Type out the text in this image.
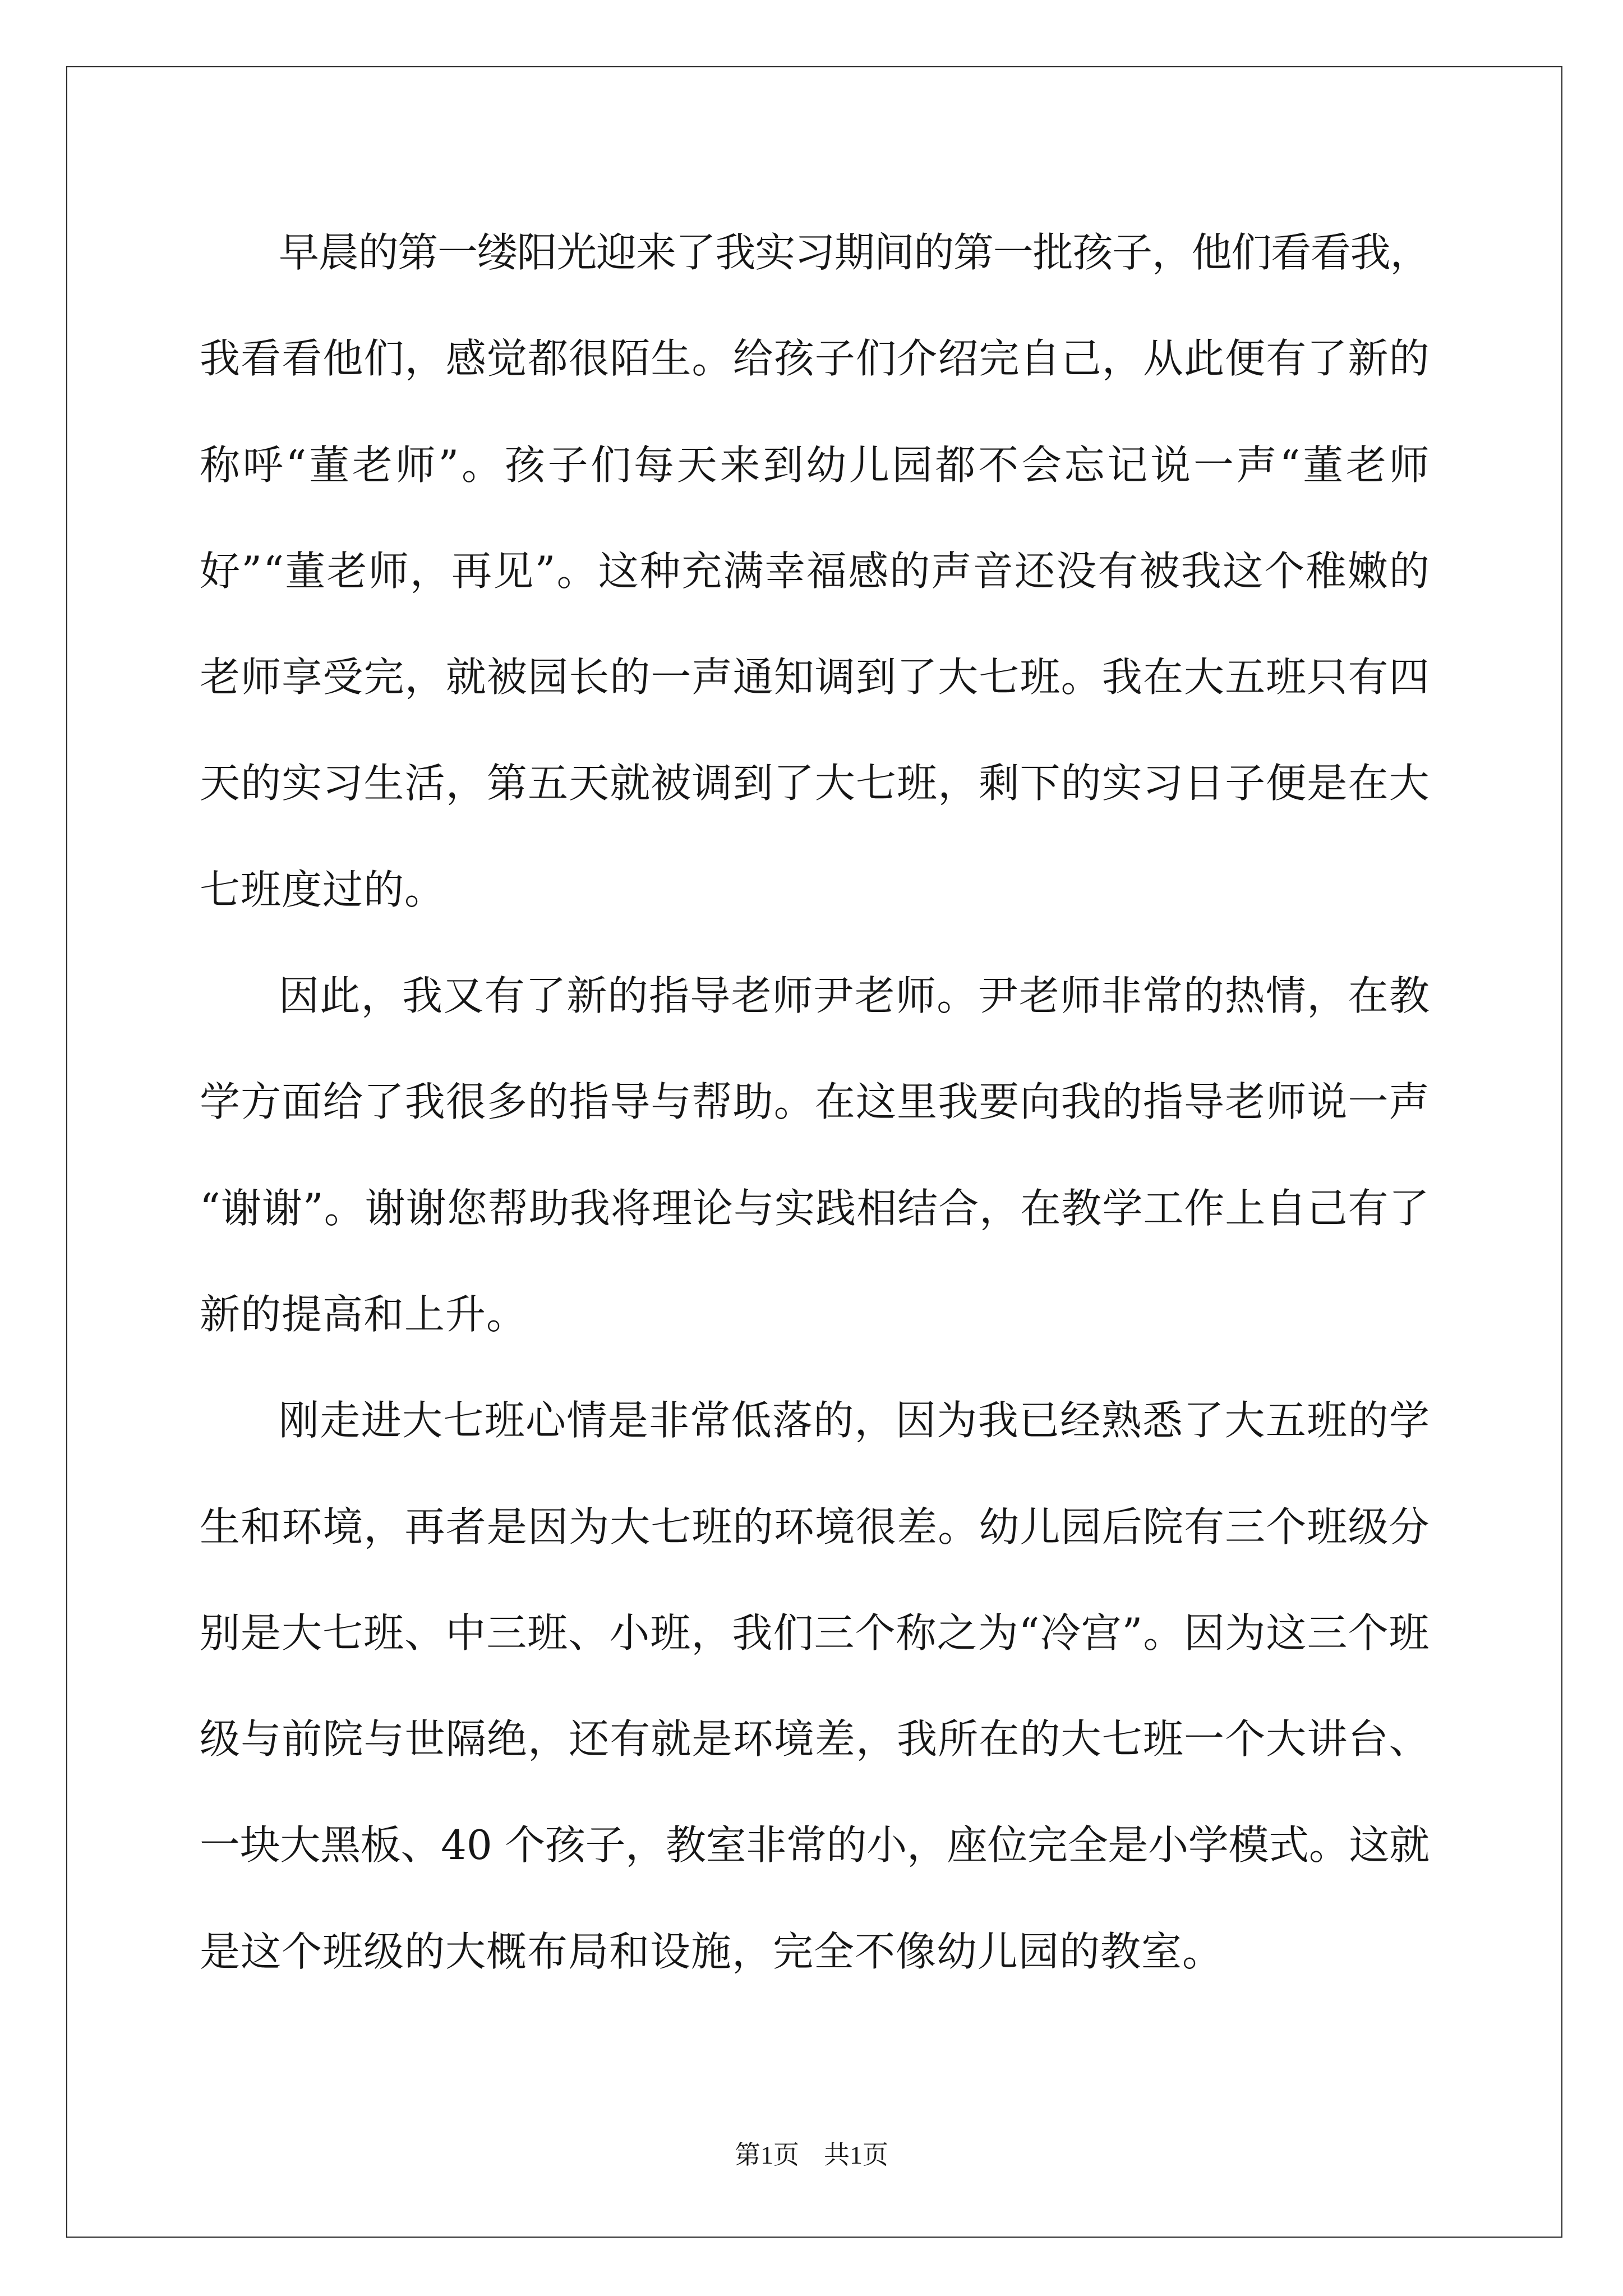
早
晨
的
第
一
缕
阳
光
迎
来
了
我
实
习
期
间
的
第
一
批
孩
子
，
他
们
看
看
我
，
我 看 看 他 们 ， 感 觉 都 很 陌 生 。 给 孩 子 们 介 绍 完 自 己 ， 从 此 便 有 了 新 的
称 呼 “ 董 老 师 ” 。 孩 子 们 每 天 来 到 幼 儿 园 都 不 会 忘 记 说 一 声 “ 董 老 师
好 ” “ 董 老 师 ， 再 见 ” 。 这 种 充 满 幸 福 感 的 声 音 还 没 有 被 我 这 个 稚 嫩 的
老 师 享 受 完 ， 就 被 园 长 的 一 声 通 知 调 到 了 大 七 班 。 我 在 大 五 班 只 有 四
天 的 实 习 生 活 ， 第 五 天 就 被 调 到 了 大 七 班 ， 剩 下 的 实 习 日 子 便 是 在 大
七班度过的。
因 此 ， 我 又 有 了 新 的 指 导 老 师 尹 老 师 。 尹 老 师 非 常 的 热 情 ， 在 教
学 方 面 给 了 我 很 多 的 指 导 与 帮 助 。 在 这 里 我 要 向 我 的 指 导 老 师 说 一 声
“ 谢 谢 ” 。 谢 谢 您 帮 助 我 将 理 论 与 实 践 相 结 合 ， 在 教 学 工 作 上 自 己 有 了
新的提高和上升。
刚 走 进 大 七 班 心 情 是 非 常 低 落 的 ， 因 为 我 已 经 熟 悉 了 大 五 班 的 学
生 和 环 境 ， 再 者 是 因 为 大 七 班 的 环 境 很 差 。 幼 儿 园 后 院 有 三 个 班 级 分
别 是 大 七 班 、 中 三 班 、 小 班 ， 我 们 三 个 称 之 为 “ 冷 宫 ” 。 因 为 这 三 个 班
级 与 前 院 与 世 隔 绝 ， 还 有 就 是 环 境 差 ， 我 所 在 的 大 七 班 一 个 大 讲 台 、
一 块 大 黑 板 、 40
个 孩 子 ， 教 室 非 常 的 小 ， 座 位 完 全 是 小 学 模 式 。 这 就
是这个班级的大概布局和设施，完全不像幼儿园的教室。
第1页 共1页
